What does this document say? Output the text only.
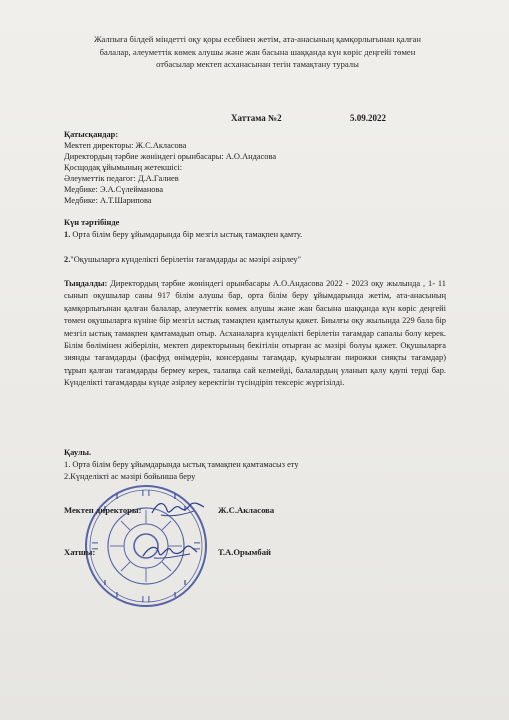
Жалпыға білдей міндетті оқу қоры есебінен жетім, ата-анасының қамқорлығынан қалған
балалар, әлеуметтік көмек алушы және жан басына шаққанда күн көріс деңгейі төмен
отбасылар мектеп асханасынан тегін тамақтану туралы
Хаттама №2	5.09.2022
Қатысқандар:
Мектеп директоры: Ж.С.Акласова
Директордың тәрбие жөніндегі орынбасары: А.О.Андасова
Қосщодақ ұйымының жетекшісі:
Әлеуметтік педагог: Д.А.Галиев
Медбике: Э.А.Сүлейманова
Медбике: А.Т.Шарипова
Күн тәртібінде
1. Орта білім беру ұйымдарында бір мезгіл ыстық тамақпен қамту.
2."Оқушыларға күнделікті берілетін тағамдарды ас мәзірі әзірлеу"
Тыңдалды: Директордың тәрбие жөніндегі орынбасары А.О.Андасова 2022 - 2023 оқу жылында , 1- 11 сынып оқушылар саны 917 білім алушы бар, орта білім беру ұйымдарында жетім, ата-анасының қамқорлығынан қалған балалар, әлеуметтік көмек алушы және жан басына шаққанда күн көріс деңгейі төмен оқушыларға күніне бір мезгіл ыстық тамақпен қамтылуы қажет. Биылғы оқу жылында 229 бала бір мезгіл ыстық тамақпен қамтамадып отыр. Асханаларға күнделікті берілетін тағамдар сапалы болу керек. Білім бөлімінен жіберілін, мектеп директорының бекітілін отырған ас мәзірі болуы қажет. Оқушыларға зиянды тағамдарды (фасфуд өнімдерін, консерданы тағамдар, қуырылған пирожки сияқты тағамдар) тұрып қалған тағамдарды бермеу керек, талапқа сай келмейді, балалардың уланып қалу қаупі терді бар. Күнделікті тағамдарды күнде әзірлеу керектігін түсіндіріп тексеріс жүргізілді.
Қаулы.
1. Орта білім беру ұйымдарында ыстық тамақпен қамтамасыз ету
2.Күнделікті ас мәзірі бойынша беру
Мектеп директоры:	Ж.С.Акласова
Хатшы:	Т.А.Орымбай
